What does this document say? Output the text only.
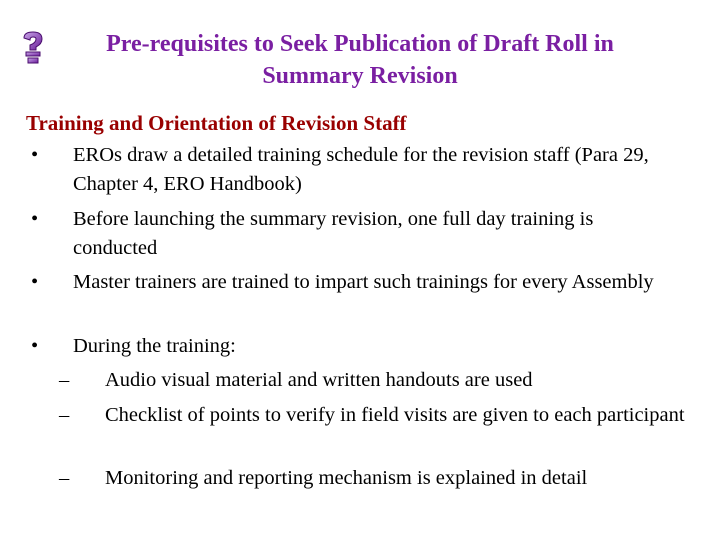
Pre-requisites to Seek Publication of Draft Roll in
Summary Revision
Training and Orientation of Revision Staff
• EROs draw a detailed training schedule for the revision staff (Para 29, Chapter 4, ERO Handbook)
• Before launching the summary revision, one full day training is conducted
• Master trainers are trained to impart such trainings for every Assembly
• During the training:
– Audio visual material and written handouts are used
– Checklist of points to verify in field visits are given to each participant
– Monitoring and reporting mechanism is explained in detail
